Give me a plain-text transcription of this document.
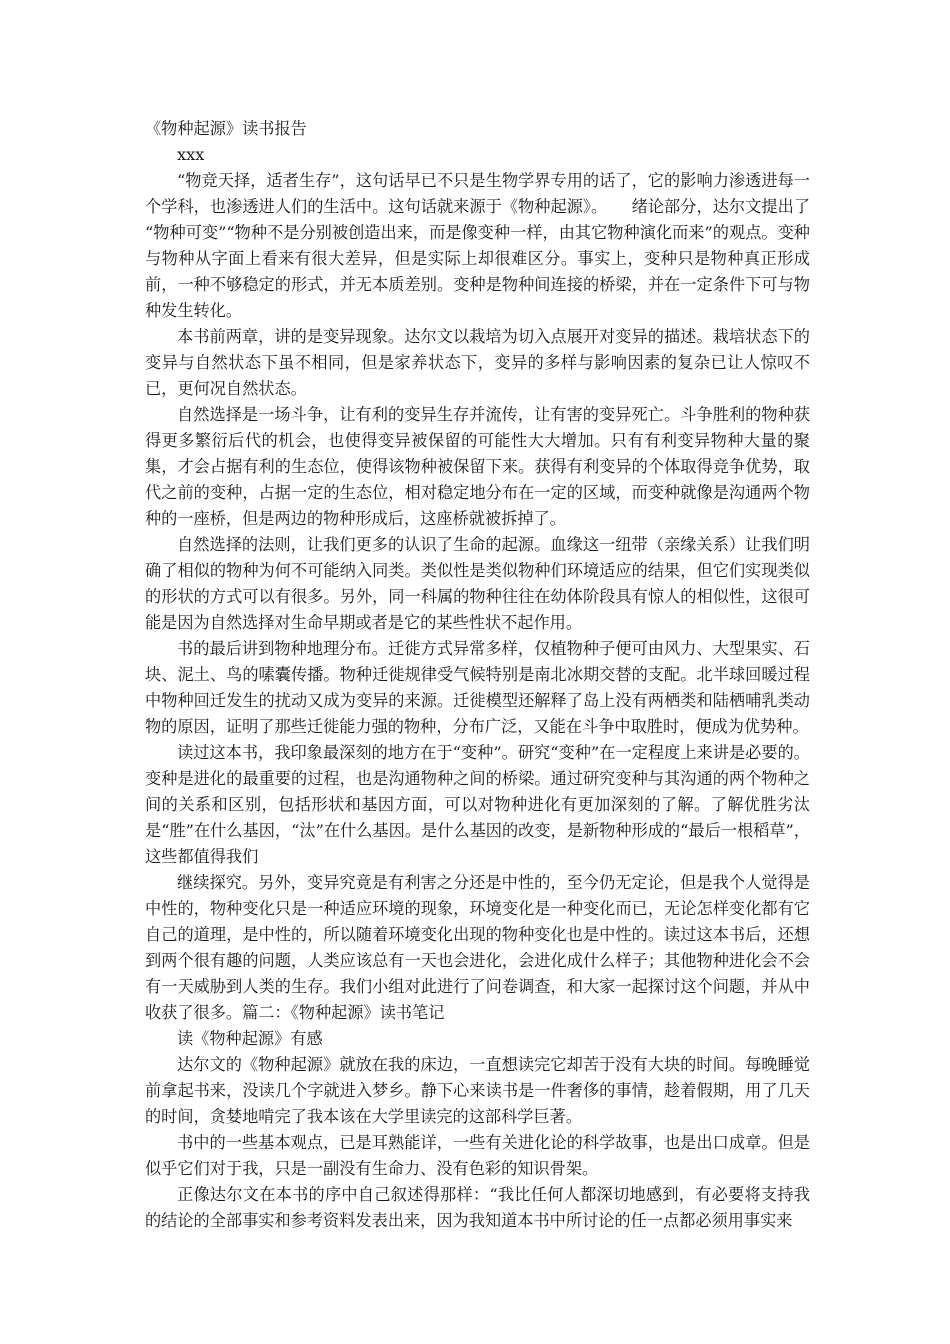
《物种起源》读书报告

xxx

“物竞天择，适者生存”，这句话早已不只是生物学界专用的话了，它的影响力渗透进每一个学科，也渗透进人们的生活中。这句话就来源于《物种起源》。　　绪论部分，达尔文提出了 “物种可变”“物种不是分别被创造出来，而是像变种一样，由其它物种演化而来”的观点。变种与物种从字面上看来有很大差异，但是实际上却很难区分。事实上，变种只是物种真正形成前，一种不够稳定的形式，并无本质差别。变种是物种间连接的桥梁，并在一定条件下可与物种发生转化。

本书前两章，讲的是变异现象。达尔文以栽培为切入点展开对变异的描述。栽培状态下的变异与自然状态下虽不相同，但是家养状态下，变异的多样与影响因素的复杂已让人惊叹不已，更何况自然状态。

自然选择是一场斗争，让有利的变异生存并流传，让有害的变异死亡。斗争胜利的物种获得更多繁衍后代的机会，也使得变异被保留的可能性大大增加。只有有利变异物种大量的聚集，才会占据有利的生态位，使得该物种被保留下来。获得有利变异的个体取得竞争优势，取代之前的变种，占据一定的生态位，相对稳定地分布在一定的区域，而变种就像是沟通两个物种的一座桥，但是两边的物种形成后，这座桥就被拆掉了。

自然选择的法则，让我们更多的认识了生命的起源。血缘这一纽带（亲缘关系）让我们明确了相似的物种为何不可能纳入同类。类似性是类似物种们环境适应的结果，但它们实现类似的形状的方式可以有很多。另外，同一科属的物种往往在幼体阶段具有惊人的相似性，这很可能是因为自然选择对生命早期或者是它的某些性状不起作用。

书的最后讲到物种地理分布。迁徙方式异常多样，仅植物种子便可由风力、大型果实、石块、泥土、鸟的嗉囊传播。物种迁徙规律受气候特别是南北冰期交替的支配。北半球回暖过程中物种回迁发生的扰动又成为变异的来源。迁徙模型还解释了岛上没有两栖类和陆栖哺乳类动物的原因，证明了那些迁徙能力强的物种，分布广泛，又能在斗争中取胜时，便成为优势种。

读过这本书，我印象最深刻的地方在于“变种”。研究“变种”在一定程度上来讲是必要的。变种是进化的最重要的过程，也是沟通物种之间的桥梁。通过研究变种与其沟通的两个物种之间的关系和区别，包括形状和基因方面，可以对物种进化有更加深刻的了解。了解优胜劣汰是“胜”在什么基因，“汰”在什么基因。是什么基因的改变，是新物种形成的“最后一根稻草”，这些都值得我们

继续探究。另外，变异究竟是有利害之分还是中性的，至今仍无定论，但是我个人觉得是中性的，物种变化只是一种适应环境的现象，环境变化是一种变化而已，无论怎样变化都有它自己的道理，是中性的，所以随着环境变化出现的物种变化也是中性的。读过这本书后，还想到两个很有趣的问题，人类应该总有一天也会进化，会进化成什么样子；其他物种进化会不会有一天威胁到人类的生存。我们小组对此进行了问卷调查，和大家一起探讨这个问题，并从中收获了很多。篇二：《物种起源》读书笔记

读《物种起源》有感

达尔文的《物种起源》就放在我的床边，一直想读完它却苦于没有大块的时间。每晚睡觉前拿起书来，没读几个字就进入梦乡。静下心来读书是一件奢侈的事情，趁着假期，用了几天的时间，贪婪地啃完了我本该在大学里读完的这部科学巨著。

书中的一些基本观点，已是耳熟能详，一些有关进化论的科学故事，也是出口成章。但是似乎它们对于我，只是一副没有生命力、没有色彩的知识骨架。

正像达尔文在本书的序中自己叙述得那样：“我比任何人都深切地感到，有必要将支持我的结论的全部事实和参考资料发表出来，因为我知道本书中所讨论的任一点都必须用事实来
